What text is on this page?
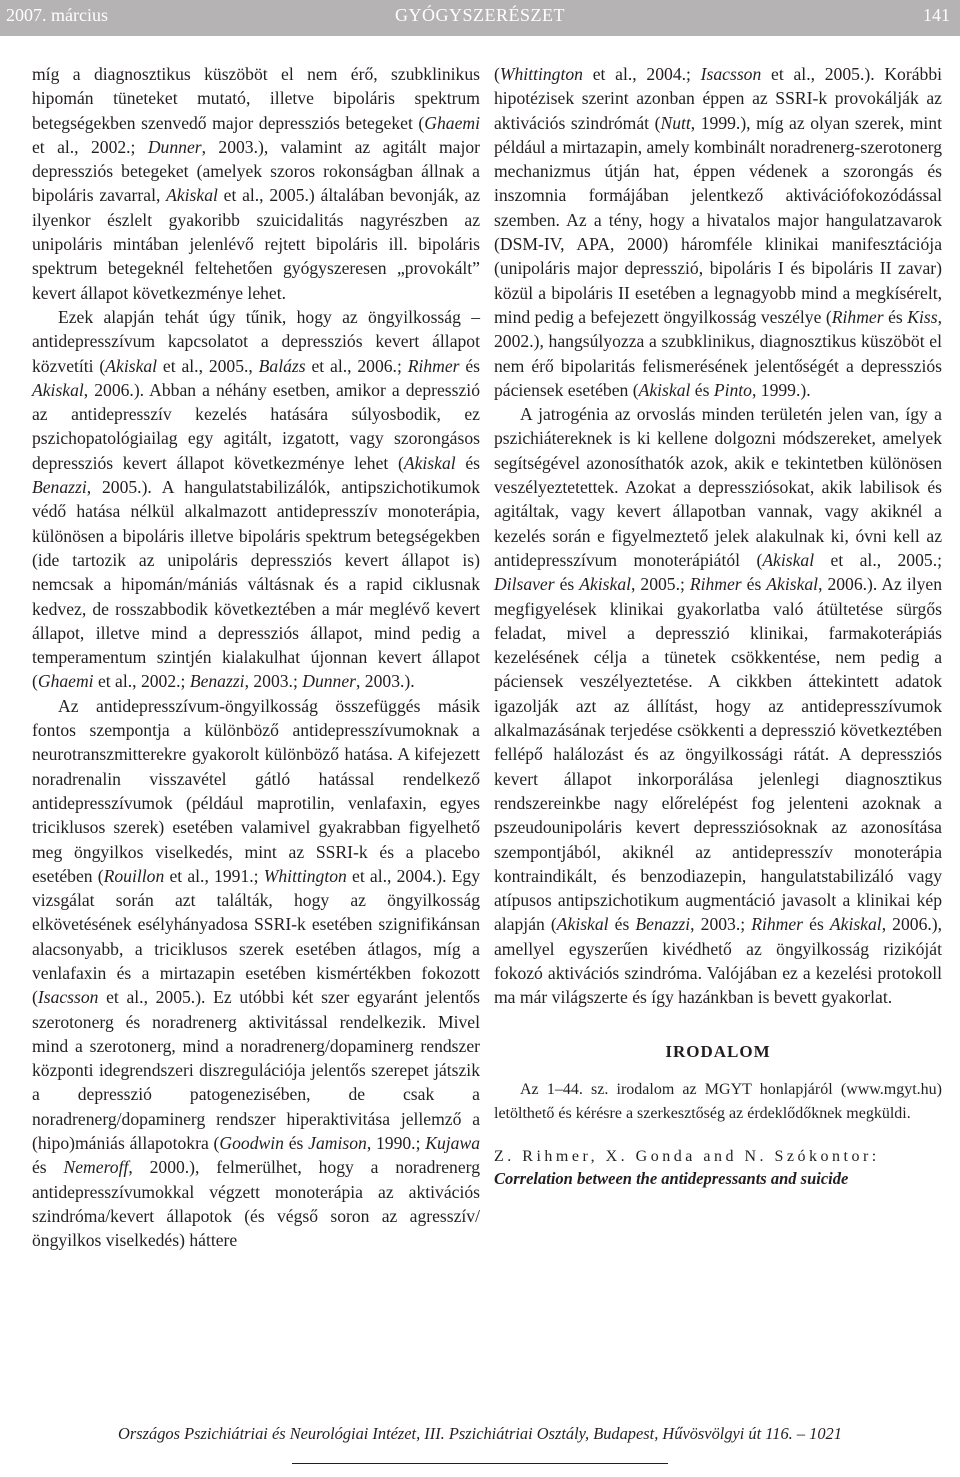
2007. március	GYÓGYSZERÉSZET	141

míg a diagnosztikus küszöböt el nem érő, szubklinikus hipomán tüneteket mutató, illetve bipoláris spektrum betegségekben szenvedő major depressziós betegeket (Ghaemi et al., 2002.; Dunner, 2003.), valamint az agitált major depressziós betegeket (amelyek szoros rokonságban állnak a bipoláris zavarral, Akiskal et al., 2005.) általában bevonják, az ilyenkor észlelt gyakoribb szuicidalitás nagyrészben az unipoláris mintában jelenlévő rejtett bipoláris ill. bipoláris spektrum betegeknél feltehetően gyógyszeresen „provokált” kevert állapot következménye lehet.

Ezek alapján tehát úgy tűnik, hogy az öngyilkosság – antidepresszívum kapcsolatot a depressziós kevert állapot közvetíti (Akiskal et al., 2005., Balázs et al., 2006.; Rihmer és Akiskal, 2006.). Abban a néhány esetben, amikor a depresszió az antidepresszív kezelés hatására súlyosbodik, ez pszichopatológiailag egy agitált, izgatott, vagy szorongásos depressziós kevert állapot következménye lehet (Akiskal és Benazzi, 2005.). A hangulatstabilizálók, antipszichotikumok védő hatása nélkül alkalmazott antidepresszív monoterápia, különösen a bipoláris illetve bipoláris spektrum betegségekben (ide tartozik az unipoláris depressziós kevert állapot is) nemcsak a hipomán/mániás váltásnak és a rapid ciklusnak kedvez, de rosszabbodik következtében a már meglévő kevert állapot, illetve mind a depressziós állapot, mind pedig a temperamentum szintjén kialakulhat újonnan kevert állapot (Ghaemi et al., 2002.; Benazzi, 2003.; Dunner, 2003.).

Az antidepresszívum-öngyilkosság összefüggés másik fontos szempontja a különböző antidepresszívumoknak a neurotranszmitterekre gyakorolt különböző hatása. A kifejezett noradrenalin visszavétel gátló hatással rendelkező antidepresszívumok (például maprotilin, venlafaxin, egyes triciklusos szerek) esetében valamivel gyakrabban figyelhető meg öngyilkos viselkedés, mint az SSRI-k és a placebo esetében (Rouillon et al., 1991.; Whittington et al., 2004.). Egy vizsgálat során azt találták, hogy az öngyilkosság elkövetésének esélyhányadosa SSRI-k esetében szignifikánsan alacsonyabb, a triciklusos szerek esetében átlagos, míg a venlafaxin és a mirtazapin esetében kismértékben fokozott (Isacsson et al., 2005.). Ez utóbbi két szer egyaránt jelentős szerotonerg és noradrenerg aktivitással rendelkezik. Mivel mind a szerotonerg, mind a noradrenerg/dopaminerg rendszer központi idegrendszeri diszregulációja jelentős szerepet játszik a depresszió patogenezisében, de csak a noradrenerg/dopaminerg rendszer hiperaktivitása jellemző a (hipo)mániás állapotokra (Goodwin és Jamison, 1990.; Kujawa és Nemeroff, 2000.), felmerülhet, hogy a noradrenerg antidepresszívumokkal végzett monoterápia az aktivációs szindróma/kevert állapotok (és végső soron az agresszív/öngyilkos viselkedés) háttere

(Whittington et al., 2004.; Isacsson et al., 2005.). Korábbi hipotézisek szerint azonban éppen az SSRI-k provokálják az aktivációs szindrómát (Nutt, 1999.), míg az olyan szerek, mint például a mirtazapin, amely kombinált noradrenerg-szerotonerg mechanizmus útján hat, éppen védenek a szorongás és inszomnia formájában jelentkező aktivációfokozódással szemben. Az a tény, hogy a hivatalos major hangulatzavarok (DSM-IV, APA, 2000) háromféle klinikai manifesztációja (unipoláris major depresszió, bipoláris I és bipoláris II zavar) közül a bipoláris II esetében a legnagyobb mind a megkísérelt, mind pedig a befejezett öngyilkosság veszélye (Rihmer és Kiss, 2002.), hangsúlyozza a szubklinikus, diagnosztikus küszöböt el nem érő bipolaritás felismerésének jelentőségét a depressziós páciensek esetében (Akiskal és Pinto, 1999.).

A jatrogénia az orvoslás minden területén jelen van, így a pszichiátereknek is ki kellene dolgozni módszereket, amelyek segítségével azonosíthatók azok, akik e tekintetben különösen veszélyeztetettek. Azokat a depressziósokat, akik labilisok és agitáltak, vagy kevert állapotban vannak, vagy akiknél a kezelés során e figyelmeztető jelek alakulnak ki, óvni kell az antidepresszívum monoterápiától (Akiskal et al., 2005.; Dilsaver és Akiskal, 2005.; Rihmer és Akiskal, 2006.). Az ilyen megfigyelések klinikai gyakorlatba való átültetése sürgős feladat, mivel a depresszió klinikai, farmakoterápiás kezelésének célja a tünetek csökkentése, nem pedig a páciensek veszélyeztetése. A cikkben áttekintett adatok igazolják azt az állítást, hogy az antidepresszívumok alkalmazásának terjedése csökkenti a depresszió következtében fellépő halálozást és az öngyilkossági rátát. A depressziós kevert állapot inkorporálása jelenlegi diagnosztikus rendszereinkbe nagy előrelépést fog jelenteni azoknak a pszeudounipoláris kevert depressziósoknak az azonosítása szempontjából, akiknél az antidepresszív monoterápia kontraindikált, és benzodiazepin, hangulatstabilizáló vagy atípusos antipszichotikum augmentáció javasolt a klinikai kép alapján (Akiskal és Benazzi, 2003.; Rihmer és Akiskal, 2006.), amellyel egyszerűen kivédhető az öngyilkosság rizikóját fokozó aktivációs szindróma. Valójában ez a kezelési protokoll ma már világszerte és így hazánkban is bevett gyakorlat.

IRODALOM

Az 1–44. sz. irodalom az MGYT honlapjáról (www.mgyt.hu) letölthető és kérésre a szerkesztőség az érdeklődőknek megküldi.

Z. Rihmer, X. Gonda and N. Szókontor:

Correlation between the antidepressants and suicide

Országos Pszichiátriai és Neurológiai Intézet, III. Pszichiátriai Osztály, Budapest, Hűvösvölgyi út 116. – 1021
